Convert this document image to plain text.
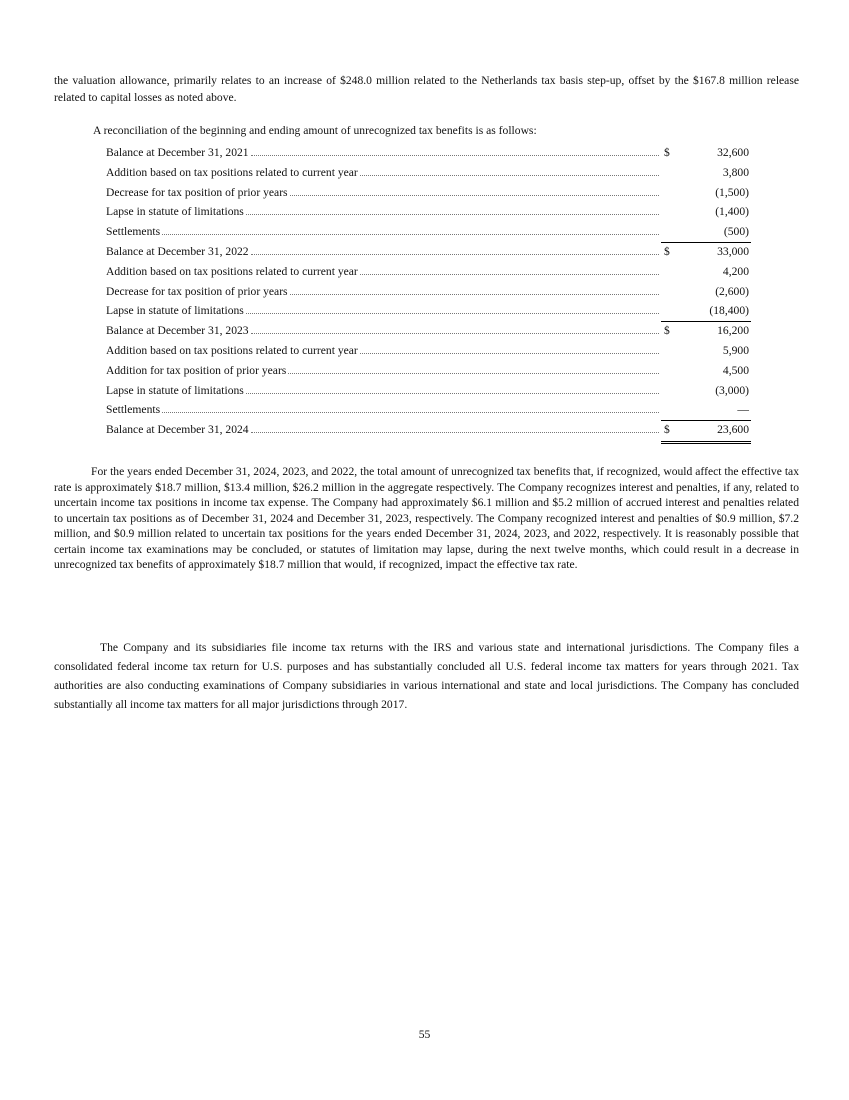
the valuation allowance, primarily relates to an increase of $248.0 million related to the Netherlands tax basis step-up, offset by the $167.8 million release related to capital losses as noted above.

A reconciliation of the beginning and ending amount of unrecognized tax benefits is as follows:

Balance at December 31, 2021	$	32,600
Addition based on tax positions related to current year	3,800
Decrease for tax position of prior years	(1,500)
Lapse in statute of limitations	(1,400)
Settlements	(500)
Balance at December 31, 2022	$	33,000
Addition based on tax positions related to current year	4,200
Decrease for tax position of prior years	(2,600)
Lapse in statute of limitations	(18,400)
Balance at December 31, 2023	$	16,200
Addition based on tax positions related to current year	5,900
Addition for tax position of prior years	4,500
Lapse in statute of limitations	(3,000)
Settlements	—
Balance at December 31, 2024	$	23,600

For the years ended December 31, 2024, 2023, and 2022, the total amount of unrecognized tax benefits that, if recognized, would affect the effective tax rate is approximately $18.7 million, $13.4 million, $26.2 million in the aggregate respectively. The Company recognizes interest and penalties, if any, related to uncertain income tax positions in income tax expense. The Company had approximately $6.1 million and $5.2 million of accrued interest and penalties related to uncertain tax positions as of December 31, 2024 and December 31, 2023, respectively. The Company recognized interest and penalties of $0.9 million, $7.2 million, and $0.9 million related to uncertain tax positions for the years ended December 31, 2024, 2023, and 2022, respectively. It is reasonably possible that certain income tax examinations may be concluded, or statutes of limitation may lapse, during the next twelve months, which could result in a decrease in unrecognized tax benefits of approximately $18.7 million that would, if recognized, impact the effective tax rate.

The Company and its subsidiaries file income tax returns with the IRS and various state and international jurisdictions. The Company files a consolidated federal income tax return for U.S. purposes and has substantially concluded all U.S. federal income tax matters for years through 2021. Tax authorities are also conducting examinations of Company subsidiaries in various international and state and local jurisdictions. The Company has concluded substantially all income tax matters for all major jurisdictions through 2017.

55
